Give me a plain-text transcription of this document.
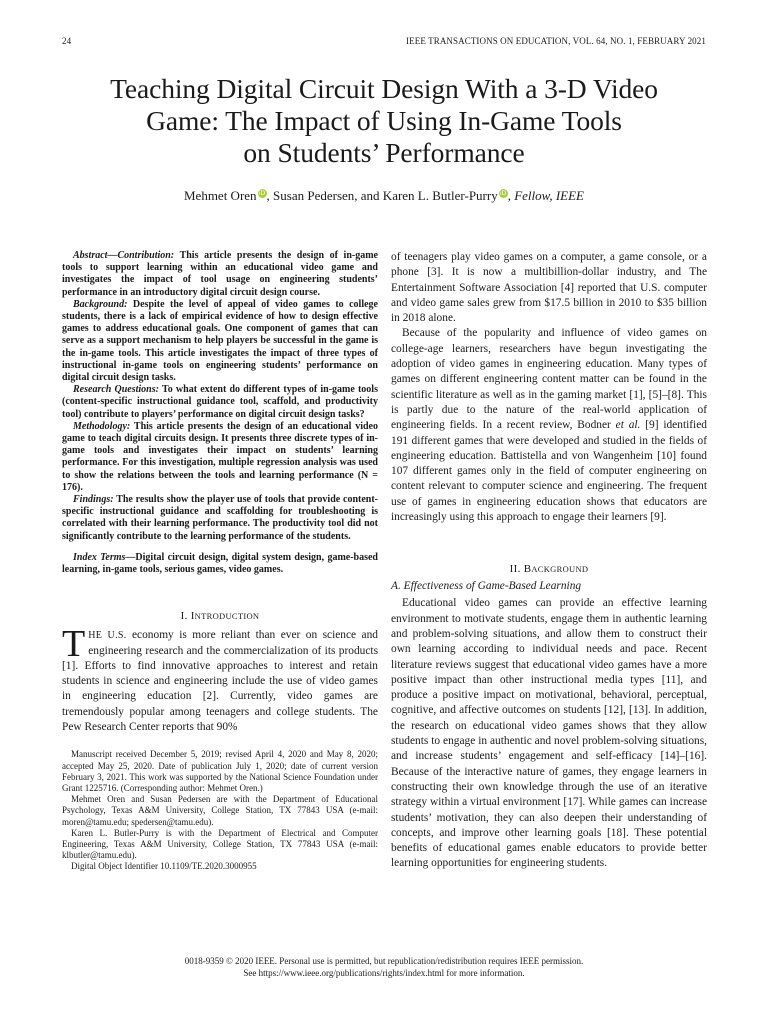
24	IEEE TRANSACTIONS ON EDUCATION, VOL. 64, NO. 1, FEBRUARY 2021
Teaching Digital Circuit Design With a 3-D Video
Game: The Impact of Using In-Game Tools
on Students’ Performance
Mehmet Oren iD, Susan Pedersen, and Karen L. Butler-Purry iD, Fellow, IEEE

Abstract—Contribution: This article presents the design of in-game tools to support learning within an educational video game and investigates the impact of tool usage on engineering students’ performance in an introductory digital circuit design course.

Background: Despite the level of appeal of video games to college students, there is a lack of empirical evidence of how to design effective games to address educational goals. One component of games that can serve as a support mechanism to help players be successful in the game is the in-game tools. This article investigates the impact of three types of instructional in-game tools on engineering students’ performance on digital circuit design tasks.

Research Questions: To what extent do different types of in-game tools (content-specific instructional guidance tool, scaffold, and productivity tool) contribute to players’ performance on digital circuit design tasks?

Methodology: This article presents the design of an educational video game to teach digital circuits design. It presents three discrete types of in-game tools and investigates their impact on students’ learning performance. For this investigation, multiple regression analysis was used to show the relations between the tools and learning performance (N = 176).

Findings: The results show the player use of tools that provide content-specific instructional guidance and scaffolding for troubleshooting is correlated with their learning performance. The productivity tool did not significantly contribute to the learning performance of the students.

Index Terms—Digital circuit design, digital system design, game-based learning, in-game tools, serious games, video games.

I. INTRODUCTION

THE U.S. economy is more reliant than ever on science and engineering research and the commercialization of its products [1]. Efforts to find innovative approaches to interest and retain students in science and engineering include the use of video games in engineering education [2]. Currently, video games are tremendously popular among teenagers and college students. The Pew Research Center reports that 90%

Manuscript received December 5, 2019; revised April 4, 2020 and May 8, 2020; accepted May 25, 2020. Date of publication July 1, 2020; date of current version February 3, 2021. This work was supported by the National Science Foundation under Grant 1225716. (Corresponding author: Mehmet Oren.)

Mehmet Oren and Susan Pedersen are with the Department of Educational Psychology, Texas A&M University, College Station, TX 77843 USA (e-mail: moren@tamu.edu; spedersen@tamu.edu).

Karen L. Butler-Purry is with the Department of Electrical and Computer Engineering, Texas A&M University, College Station, TX 77843 USA (e-mail: klbutler@tamu.edu).

Digital Object Identifier 10.1109/TE.2020.3000955

of teenagers play video games on a computer, a game console, or a phone [3]. It is now a multibillion-dollar industry, and The Entertainment Software Association [4] reported that U.S. computer and video game sales grew from $17.5 billion in 2010 to $35 billion in 2018 alone.

Because of the popularity and influence of video games on college-age learners, researchers have begun investigating the adoption of video games in engineering education. Many types of games on different engineering content matter can be found in the scientific literature as well as in the gaming market [1], [5]–[8]. This is partly due to the nature of the real-world application of engineering fields. In a recent review, Bodner et al. [9] identified 191 different games that were developed and studied in the fields of engineering education. Battistella and von Wangenheim [10] found 107 different games only in the field of computer engineering on content relevant to computer science and engineering. The frequent use of games in engineering education shows that educators are increasingly using this approach to engage their learners [9].

II. BACKGROUND

A. Effectiveness of Game-Based Learning

Educational video games can provide an effective learning environment to motivate students, engage them in authentic learning and problem-solving situations, and allow them to construct their own learning according to individual needs and pace. Recent literature reviews suggest that educational video games have a more positive impact than other instructional media types [11], and produce a positive impact on motivational, behavioral, perceptual, cognitive, and affective outcomes on students [12], [13]. In addition, the research on educational video games shows that they allow students to engage in authentic and novel problem-solving situations, and increase students’ engagement and self-efficacy [14]–[16]. Because of the interactive nature of games, they engage learners in constructing their own knowledge through the use of an iterative strategy within a virtual environment [17]. While games can increase students’ motivation, they can also deepen their understanding of concepts, and improve other learning goals [18]. These potential benefits of educational games enable educators to provide better learning opportunities for engineering students.

0018-9359 © 2020 IEEE. Personal use is permitted, but republication/redistribution requires IEEE permission.
See https://www.ieee.org/publications/rights/index.html for more information.
